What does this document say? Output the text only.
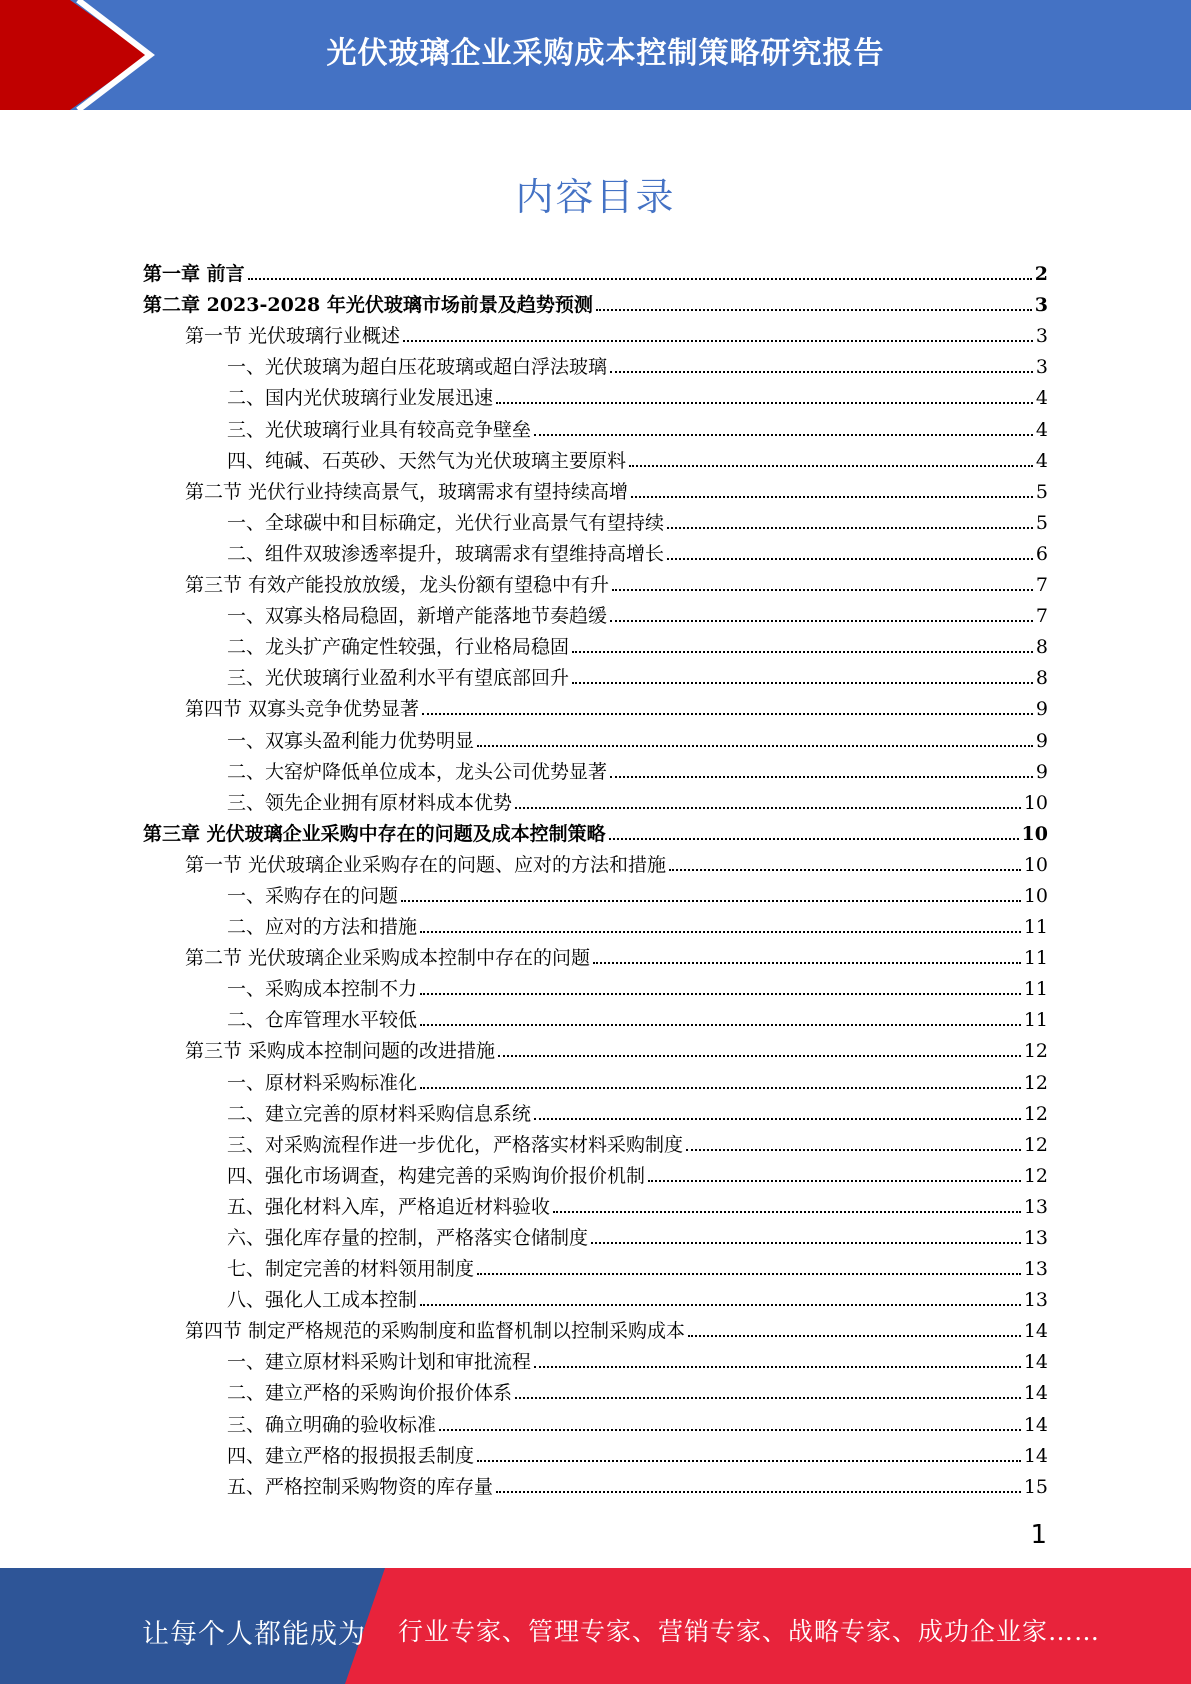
光伏玻璃企业采购成本控制策略研究报告
内容目录
第一章 前言	2
第二章 2023-2028 年光伏玻璃市场前景及趋势预测	3
第一节 光伏玻璃行业概述	3
一、光伏玻璃为超白压花玻璃或超白浮法玻璃	3
二、国内光伏玻璃行业发展迅速	4
三、光伏玻璃行业具有较高竞争壁垒	4
四、纯碱、石英砂、天然气为光伏玻璃主要原料	4
第二节 光伏行业持续高景气，玻璃需求有望持续高增	5
一、全球碳中和目标确定，光伏行业高景气有望持续	5
二、组件双玻渗透率提升，玻璃需求有望维持高增长	6
第三节 有效产能投放放缓，龙头份额有望稳中有升	7
一、双寡头格局稳固，新增产能落地节奏趋缓	7
二、龙头扩产确定性较强，行业格局稳固	8
三、光伏玻璃行业盈利水平有望底部回升	8
第四节 双寡头竞争优势显著	9
一、双寡头盈利能力优势明显	9
二、大窑炉降低单位成本，龙头公司优势显著	9
三、领先企业拥有原材料成本优势	10
第三章 光伏玻璃企业采购中存在的问题及成本控制策略	10
第一节 光伏玻璃企业采购存在的问题、应对的方法和措施	10
一、采购存在的问题	10
二、应对的方法和措施	11
第二节 光伏玻璃企业采购成本控制中存在的问题	11
一、采购成本控制不力	11
二、仓库管理水平较低	11
第三节 采购成本控制问题的改进措施	12
一、原材料采购标准化	12
二、建立完善的原材料采购信息系统	12
三、对采购流程作进一步优化，严格落实材料采购制度	12
四、强化市场调查，构建完善的采购询价报价机制	12
五、强化材料入库，严格追近材料验收	13
六、强化库存量的控制，严格落实仓储制度	13
七、制定完善的材料领用制度	13
八、强化人工成本控制	13
第四节 制定严格规范的采购制度和监督机制以控制采购成本	14
一、建立原材料采购计划和审批流程	14
二、建立严格的采购询价报价体系	14
三、确立明确的验收标准	14
四、建立严格的报损报丢制度	14
五、严格控制采购物资的库存量	15
1
让每个人都能成为 行业专家、管理专家、营销专家、战略专家、成功企业家……
